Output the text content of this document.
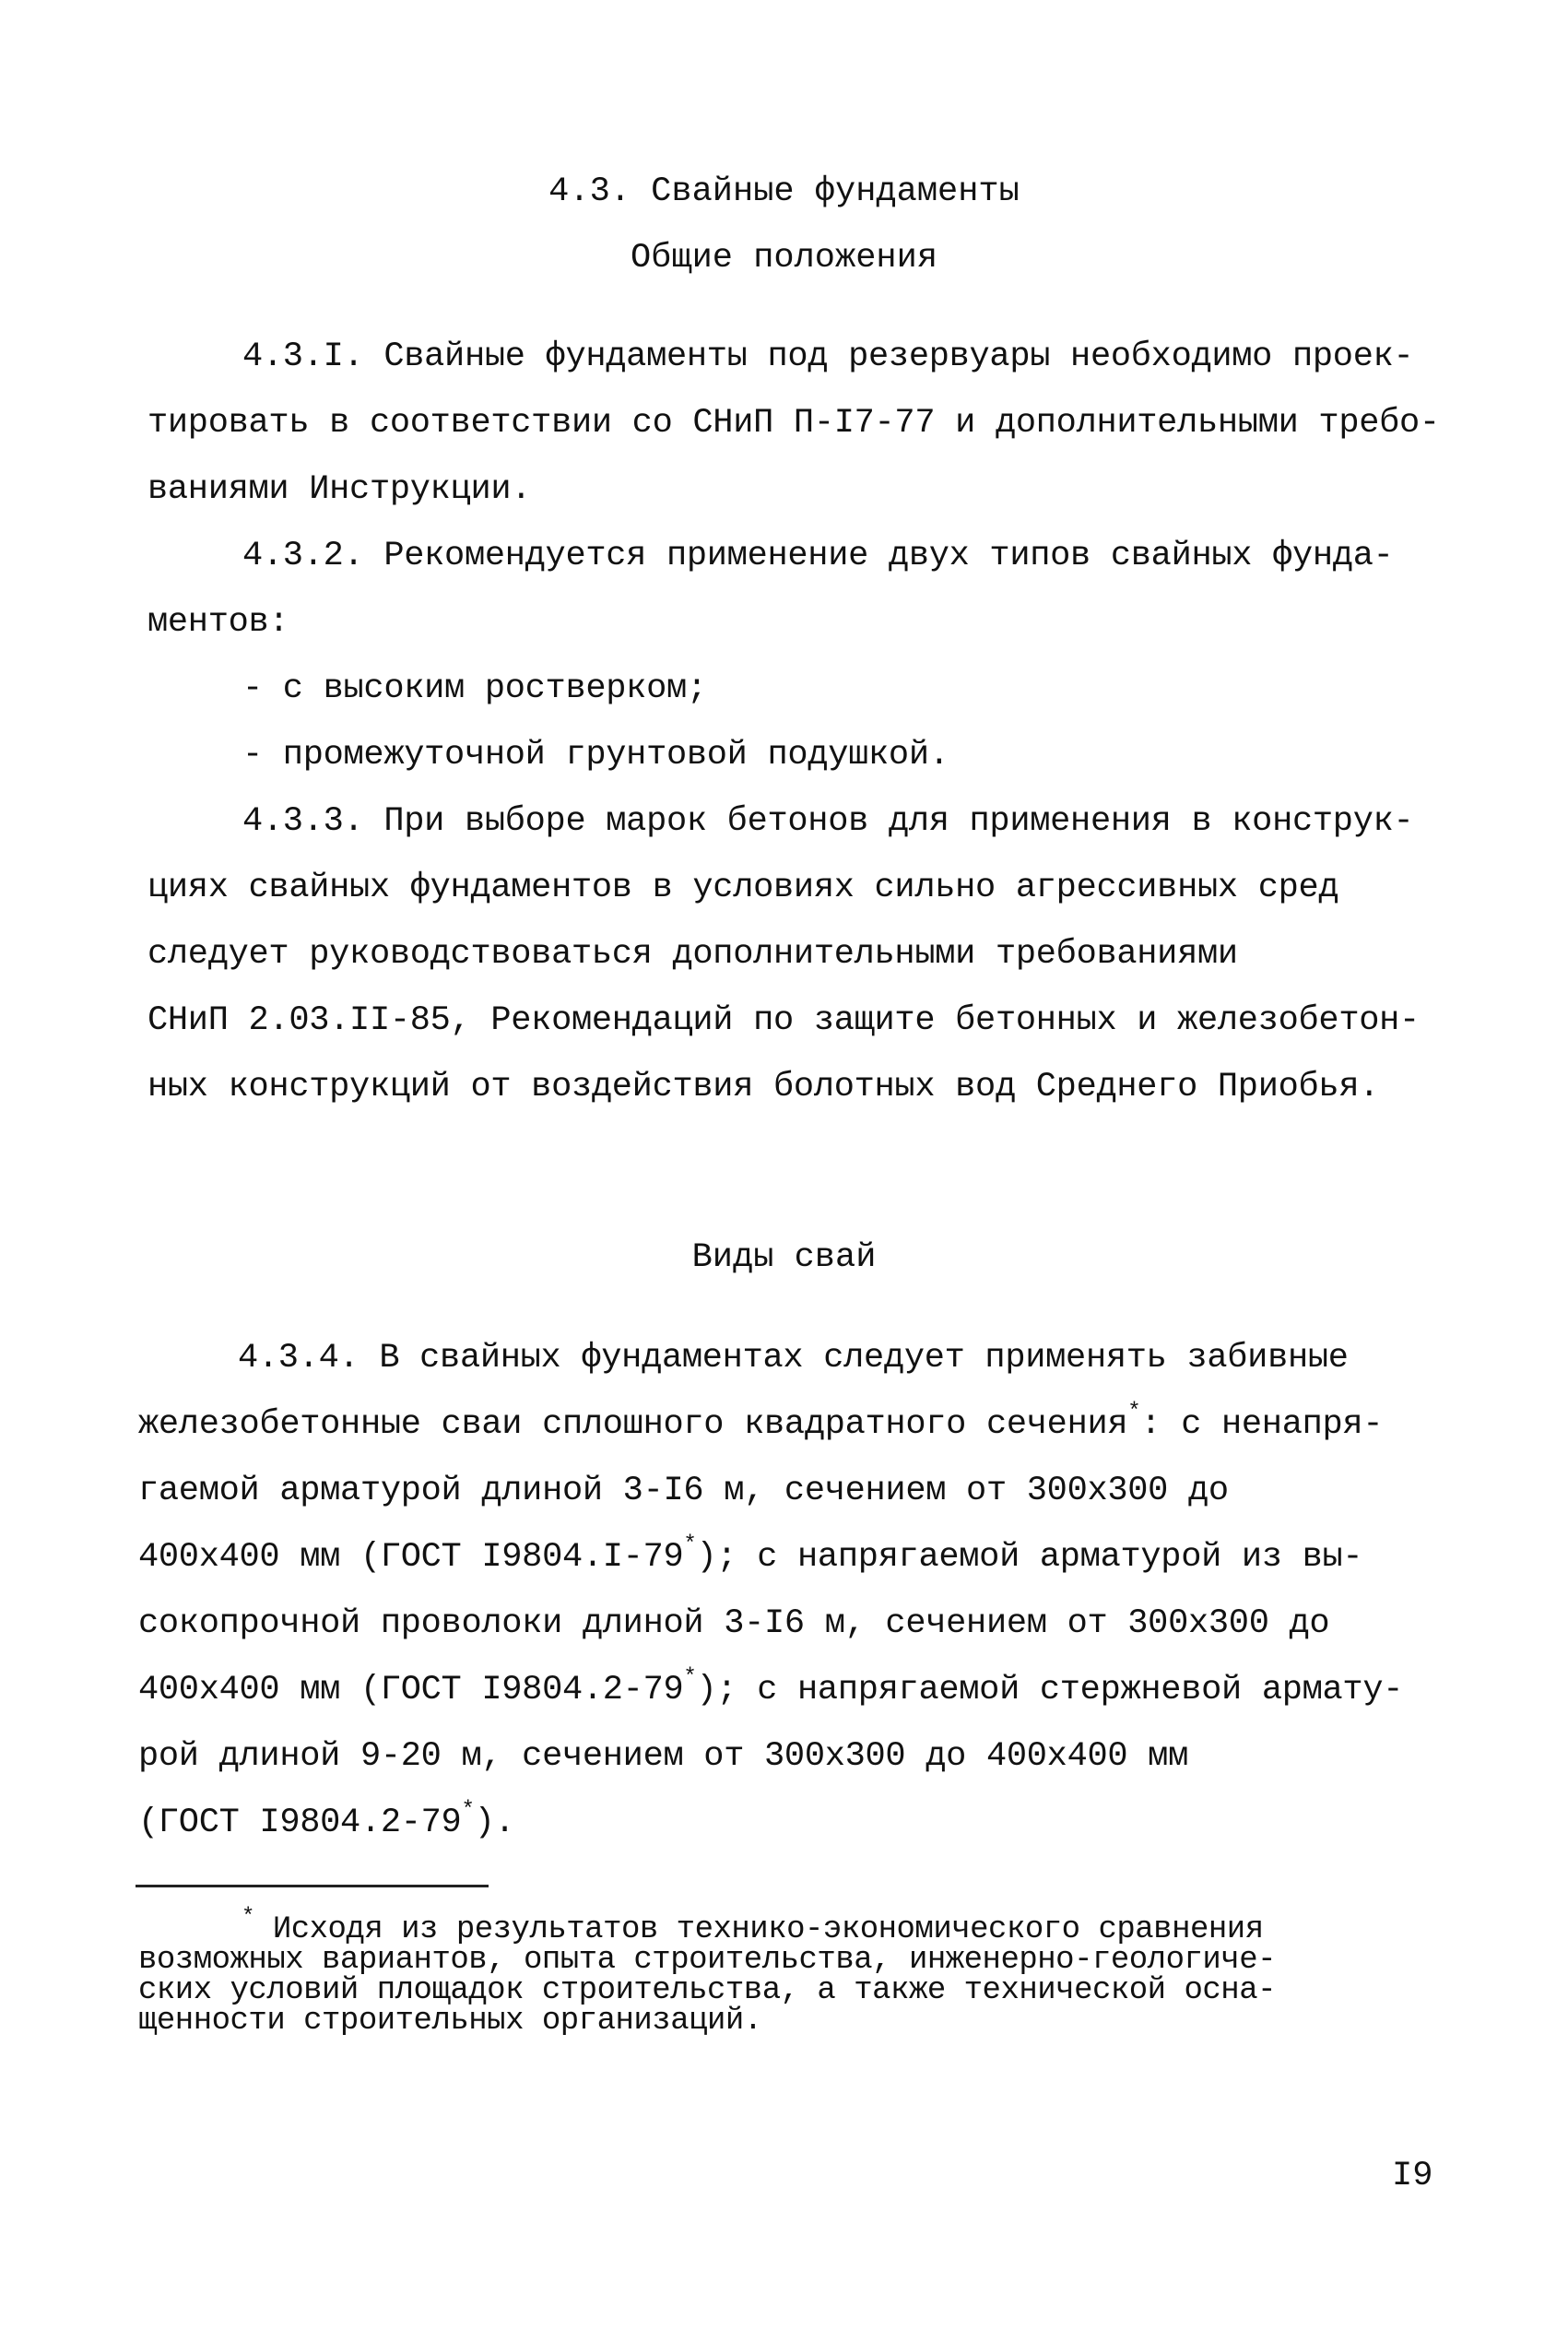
4.3. Свайные фундаменты
Общие положения
4.3.I. Свайные фундаменты под резервуары необходимо проек-
тировать в соответствии со СНиП П-I7-77 и дополнительными требо-
ваниями Инструкции.
4.3.2. Рекомендуется применение двух типов свайных фунда-
ментов:
- с высоким ростверком;
- промежуточной грунтовой подушкой.
4.3.3. При выборе марок бетонов для применения в конструк-
циях свайных фундаментов в условиях сильно агрессивных сред
следует руководствоваться дополнительными требованиями
СНиП 2.03.II-85, Рекомендаций по защите бетонных и железобетон-
ных конструкций от воздействия болотных вод Среднего Приобья.
Виды свай
4.3.4. В свайных фундаментах следует применять забивные
железобетонные сваи сплошного квадратного сечения*: с ненапря-
гаемой арматурой длиной 3-I6 м, сечением от 300х300 до
400х400 мм (ГОСТ I9804.I-79*); с напрягаемой арматурой из вы-
сокопрочной проволоки длиной 3-I6 м, сечением от 300х300 до
400х400 мм (ГОСТ I9804.2-79*); с напрягаемой стержневой армату-
рой длиной 9-20 м, сечением от 300х300 до 400х400 мм
(ГОСТ I9804.2-79*).
* Исходя из результатов технико-экономического сравнения
возможных вариантов, опыта строительства, инженерно-геологиче-
ских условий площадок строительства, а также технической осна-
щенности строительных организаций.
I9
